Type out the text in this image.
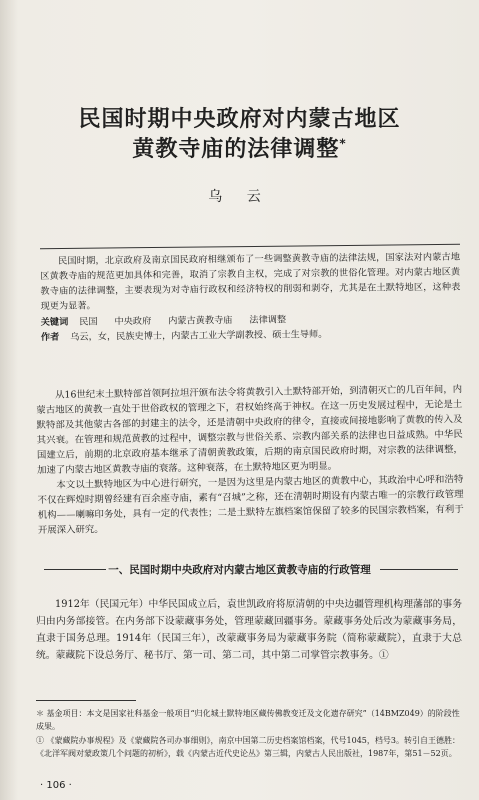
民国时期中央政府对内蒙古地区
黄教寺庙的法律调整*
乌 云

民国时期，北京政府及南京国民政府相继颁布了一些调整黄教寺庙的法律法规，国家法对内蒙古地区黄教寺庙的规范更加具体和完善，取消了宗教自主权，完成了对宗教的世俗化管理。对内蒙古地区黄教寺庙的法律调整，主要表现为对寺庙行政权和经济特权的削弱和剥夺，尤其是在土默特地区，这种表现更为显著。

关键词 民国 中央政府 内蒙古黄教寺庙 法律调整
作者 乌云，女，民族史博士，内蒙古工业大学副教授、硕士生导师。

从16世纪末土默特部首领阿拉坦汗颁布法令将黄教引入土默特部开始，到清朝灭亡的几百年间，内蒙古地区的黄教一直处于世俗政权的管理之下，君权始终高于神权。在这一历史发展过程中，无论是土默特部及其他蒙古各部的封建主的法令，还是清朝中央政府的律令，直接或间接地影响了黄教的传入及其兴衰。在管理和规范黄教的过程中，调整宗教与世俗关系、宗教内部关系的法律也日益成熟。中华民国建立后，前期的北京政府基本继承了清朝黄教政策，后期的南京国民政府时期，对宗教的法律调整，加速了内蒙古地区黄教寺庙的衰落。这种衰落，在土默特地区更为明显。

本文以土默特地区为中心进行研究，一是因为这里是内蒙古地区的黄教中心，其政治中心呼和浩特不仅在辉煌时期曾经建有百余座寺庙，素有“召城”之称，还在清朝时期设有内蒙古唯一的宗教行政管理机构——喇嘛印务处，具有一定的代表性；二是土默特左旗档案馆保留了较多的民国宗教档案，有利于开展深入研究。

一、民国时期中央政府对内蒙古地区黄教寺庙的行政管理

1912年（民国元年）中华民国成立后，袁世凯政府将原清朝的中央边疆管理机构理藩部的事务归由内务部接管。在内务部下设蒙藏事务处，管理蒙藏回疆事务。蒙藏事务处后改为蒙藏事务局，直隶于国务总理。1914年（民国三年），改蒙藏事务局为蒙藏事务院（简称蒙藏院），直隶于大总统。蒙藏院下设总务厅、秘书厅、第一司、第二司，其中第二司掌管宗教事务。①

＊ 基金项目：本文是国家社科基金一般项目“归化城土默特地区藏传佛教变迁及文化遗存研究”（14BMZ049）的阶段性成果。

① 《蒙藏院办事规程》及《蒙藏院各司办事细则》，南京中国第二历史档案馆档案，代号1045，档号3。转引自王德胜：《北洋军阀对蒙政策几个问题的初析》，载《内蒙古近代史论丛》第三辑，内蒙古人民出版社，1987年，第51－52页。

· 106 ·
